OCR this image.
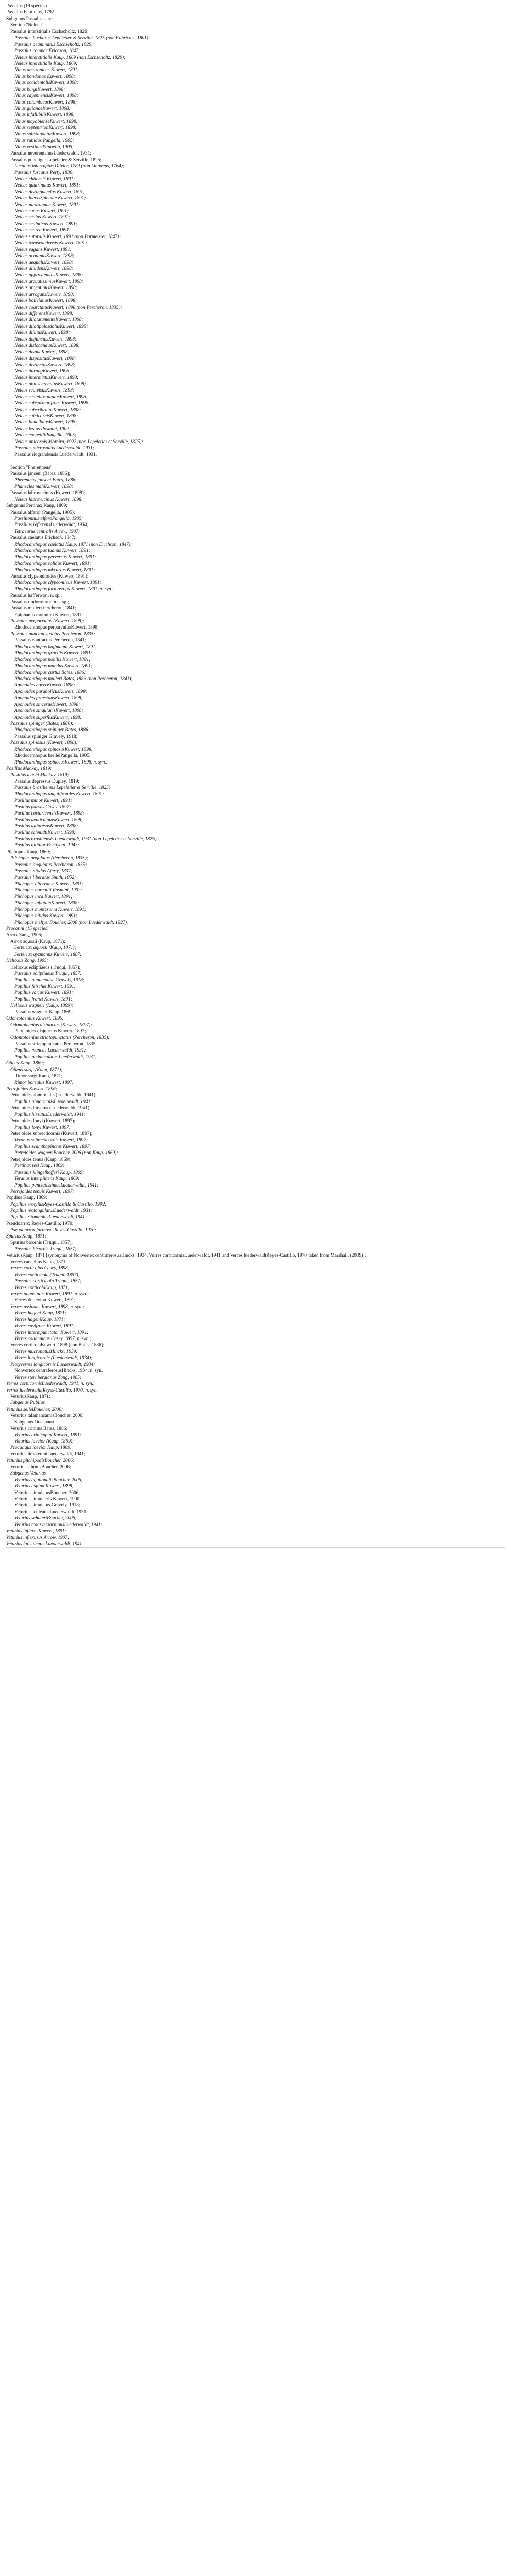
Passalus (19 species)
Passalus Fabricius, 1792
Subgenus Passalus s. str.
Section "Nelena"
Passalus interstitialis Eschscholtz, 1829;
Passalus bucharus Lepeletier & Serville, 1825 (non Fabricius, 1801);
Passalus acuminatus Eschscholtz, 1829;
Passalus compar Erichson, 1847;
Neleus interstitialis Kaup, 1869 (non Eschscholtz, 1829);
Neleus interstitialis Kaup, 1869;
Ninus amazonicus Kuwert, 1891;
Ninus bondonae Kuwert, 1898;
Ninus occidentalisKuwert, 1898;
Ninus burgiKuwert, 1898;
Ninus cayennensisKuwert, 1898;
Ninus columbicusKuwert, 1898;
Ninus guianaeKuwert, 1898;
Ninus infallibilisKuwert, 1898;
Ninus mayabienseKuwert, 1898;
Ninus septentrionKuwert, 1898;
Ninus substitudatusKuwert, 1898;
Ninus rubidus Pangella, 1905;
Ninus vestinusPangella, 1905;
Passalus neverentanusLuederwaldt, 1931;
Passalus punctiger Lepeletier & Serville, 1825;
Lucanus interruptus Olivier, 1789 (non Linnaeus, 1764);
Passalus fuscatus Perty, 1830;
Neleus chilensis Kuwert, 1891;
Neleus quatrinatus Kuwert, 1891;
Neleus distinguendus Kuwert, 1891;
Neleus laevisSpineate Kuwert, 1891;
Neleus nicaraguae Kuwert, 1891;
Neleus sueus Kuwert, 1891;
Neleus scolus Kuwert, 1891;
Neleus sculpticus Kuwert, 1891;
Neleus scorea Kuwert, 1891;
Neleus suturalis Kuwert, 1891 (non Burmeister, 1847);
Neleus transvaudensis Kuwert, 1891;
Neleus vagans Kuwert, 1891;
Neleus acutanusKuwert, 1898;
Neleus aequalisKuwert, 1898;
Neleus alludensKuwert, 1898;
Neleus approximatusKuwert, 1898;
Neleus arcuatissimusKuwert, 1898;
Neleus argentinusKuwert, 1898;
Neleus arrogansKuwert, 1898;
Neleus bolivianusKuwert, 1898;
Neleus coarctatusKuwert, 1898 (non Percheron, 1835);
Neleus differensKuwert, 1898;
Neleus dilatatumenteKuwert, 1898;
Neleus dilatipalosdolusKuwert, 1898;
Neleus dilutusKuwert, 1898;
Neleus disjunctusKuwert, 1898;
Neleus dislocandusKuwert, 1898;
Neleus dispacKuwert, 1898;
Neleus dispositusKuwert, 1898;
Neleus distinctusKuwert, 1898;
Neleus durangKuwert, 1898;
Neleus intermixtusKuwert, 1898;
Neleus obtusecrenatusKuwert, 1898;
Neleus scutvisusKuwert, 1898;
Neleus scutellosulcatusKuwert, 1898;
Neleus subcarinatifrons Kuwert, 1898;
Neleus subcribratusKuwert, 1898;
Neleus sulcicornisKuwert, 1898;
Neleus lamellatusKuwert, 1898;
Neleus festus Rosmini, 1902;
Neleus cospetiliPangella, 1905;
Neleus unicornis Moreira, 1922 (non Lepeletier et Serville, 1825);
Passalus microsulcis Luederwaldt, 1931;
Passalus riograndensis Luederwaldt, 1931.
Section "Pherenneus"
Passalus janseni (Bates, 1886);
Pherenteus janseni Bates, 1886;
Phanecles mahiKuwert, 1898;
Passalus labrovucinus (Kuwert, 1898);
Neleus labrovucinus Kuwert, 1898;
Subgenus Pertinax Kaup, 1869;
Passalus alfaroi (Pangella, 1905);
Passiltonnus alfaroPangella, 1905;
Passillus reflexensLuederwaldt, 1934;
Tetraeurus centralis Arrow, 1907;
Passalus caelatus Erichson, 1847;
Rhodocanthopus caelatus Kaup, 1871 (non Erichson, 1847);
Rhodocanthopus tuanus Kuwert, 1891;
Rhodocanthopus perversus Kuwert, 1891;
Rhodocanthopus solidus Kuwert, 1891;
Rhodocanthopus mkcurtus Kuwert, 1891;
Passalus clypeoniloides (Kuwert, 1891);
Rhodocanthopus clypeonileus Kuwert, 1891;
Rhodocanthopus forniostops Kuwert, 1891, n. syn.;
Passalus hafferwoni n. sp.;
Passalus riodorofaroum n. sp.;
Passalus mulleri Percheron, 1841;
Epiphanus molinimi Kuwert, 1891;
Passalus perparvulus (Kuwert, 1898);
Rhodocanthopus perparvulusKuwert, 1898;
Passalus punctatostriatus Percheron, 1835;
Passalus contractus Percheron, 1841;
Rhodocanthopus hoffmanni Kuwert, 1891;
Rhodocanthopus gracilis Kuwert, 1891;
Rhodocanthopus nobilis Kuwert, 1891;
Rhodocanthopus mundus Kuwert, 1891;
Rhodocanthopus curtus Bates, 1886;
Rhodocanthopus mulleri Bates, 1886 (non Percheron, 1841);
Aponoides nocerKuwert, 1898;
Aponoides parabolicusKuwert, 1898;
Aponoides praestansKuwert, 1898;
Aponoides sincerusKuwert, 1898;
Aponoides singularisKuwert, 1898;
Aponoides superflusKuwert, 1898;
Passalus spiniger (Bates, 1886);
Rhodocanthopus spiniger Bates, 1886;
Passalus spiniger Gravely, 1918;
Passalus spinosus (Kuwert, 1898);
Rhodocanthopus spinosusKuwert, 1898;
Rhodocanthopus brelleiPangella, 1905;
Rhodocanthopus spinosusKuwert, 1898, n. syn.;
Pasillus Mackay, 1819;
Pasillus leachi Mackay, 1819;
Passalus depressus Dupiey, 1819;
Passalus brasiliensis Lepeletier et Serville, 1825;
Rhodocanthopus angulifrondes Kuwert, 1891;
Pasillus minor Kuwert, 1891;
Pasillus parvus Casey, 1897;
Pasillus costaricensisKuwert, 1898;
Pasillus denticulatusKuwert, 1898;
Pasillus latioresusKuwert, 1898;
Pasillus schmidtiKuwert, 1898;
Pasillus brasiliensis Luederwaldt, 1931 (non Lepeletier et Serville, 1825)
Pasillus nitidior Boctiyoul, 1943;
Pilchopus Kaup, 1869;
Pilchopus angulatus (Percheron, 1835);
Passalus angulatus Percheron, 1835;
Passalus nitidus Ajerty, 1837;
Passalus liberatus Smith, 1852;
Pilchopus alterrator Kuwert, 1891;
Pilchopus boreoliti Rosmini, 1902;
Pilchopus inca Kuwert, 1891;
Pilchopus inflatumKuwert, 1898;
Pilchopus montezuma Kuwert, 1891;
Pilchopus nitidus Kuwert, 1891;
Pilchopus meliyerBoucher, 2000 (non Luederwaldt, 1927).
Procotini (15 species)
Arrox Zang, 1905;
Arrox aquosii (Kaup, 1871);
Serteriux aquosii (Kaup, 1871);
Serteriux ayzmanns Kuwert, 1887;
Helioxus Zang, 1905;
Helioxus ecliptiaeus (Truqui, 1857);
Passalus ecliptiaeus Truqui, 1857;
Popilius guatemalae Gravely, 1918;
Popilius felschei Kuwert, 1891;
Popilius varius Kuwert, 1891;
Popilius franzi Kuwert, 1891;
Helioxus wagneri (Kaup, 1869);
Passalus wagneri Kaup, 1869;
Odontotaenius Kuwert, 1896;
Odontotaenius disjunctus (Kuwert, 1897);
Petrejoides disjunctus Kuwert, 1897;
Odontotaenius striatopunctatus (Percheron, 1835);
Passalus striatopunctatus Percheron, 1835;
Popilius mancus Luederwaldt, 1931;
Popilius pedunculatus Luederwaldt, 1931;
Oileus Kaup, 1869;
Oileus sargi (Kaup, 1871);
Rimor sargi Kaup, 1871;
Rimor borealus Kuwert, 1897;
Petrejoides Kuwert, 1896;
Petrejoides abnormalis (Luederwaldt, 1941);
Popilius abnormalisLuederwaldt, 1941;
Petrejoides hirsutus (Luederwaldt, 1941);
Popilius hirsutusLuederwaldt, 1941;
Petrejoides lonyi (Kuwert, 1897);
Popilius lonyi Kuwert, 1897;
Petrejoides subrecticornis (Kuwert, 1897);
Teranus subrecticornis Kuwert, 1897;
Popilius scamthapinctus Kuwert, 1897;
Petrejoides wagneriBoucher, 2006 (non Kaup, 1869);
Petrejoides tenus (Kaup, 1869);
Pertinax tesi Kaup, 1869;
Passalus klingelhofferi Kaup, 1869;
Teranus interpiinens Kaup, 1869;
Popilius punctatissimusLuederwaldt, 1941;
Petrejoides tenuis Kuwert, 1897;
Popilius Kaup, 1869;
Popilius erotylusReyes-Castillo & Castillo, 1992;
Popilius rectangulatusLuederwaldt, 1931;
Popilius ritombolusLuederwaldt, 1941;
Pseudoarrox Reyes-Castillo, 1970;
Pseudoarrox farinosusReyes-Castillo, 1970;
Spurius Kaup, 1871;
Spurius bicornis (Truqui, 1857);
Passalus bicornis Truqui, 1857;
VeturiusKaup, 1871 [synonyms of Nonvertex centraferosusHincks, 1934, Verres cornicornisLuederwaldt, 1941 and Verres luederwaldtReyes-Castillo, 1970 taken from Marshall, (2009)];
Verres cancellus Kaup, 1871;
Verres corticolus Casey, 1898;
Verres corticicola (Truqui, 1857);
Passalus corticicola Truqui, 1857;
Verres corticolaKaup, 1871;
Verres angustatus Kuwert, 1891, n. syn.;
Verres deflexion Kuwert, 1891;
Verres assinans Kuwert, 1898, n. syn.;
Verres hageni Kaup, 1871;
Verres hageniKaup, 1871;
Verres cavifrons Kuwert, 1891;
Verres intermpunctator Kuwert, 1891;
Verres columnicus Casey, 1897, n. syn.;
Verres corticolaKuwert, 1898 (non Bates, 1886);
Verres mucronatusHincks, 1939;
Verres longicornis (Luederwaldt, 1934);
Platyverres longicornis Luederwaldt, 1934;
Nonvertex centraferosusHincks, 1934, n. syn.
Verres sternbergianus Zang, 1905;
Verres cornicornisLuederwaldt, 1941, n. syn.;
Verres luederwaldtReyes-Castillo, 1970, n. syn.
VeturiusKaup, 1871;
Subgenus Publius
Veturius sellelBoucher, 2006;
Veturius talamancamisBoucher, 2006;
Subgenus Ouacuana
Veturius crinitus Bates, 1886;
Veturius crinicapux Kuwert, 1891;
Veturius laevior (Kaup, 1869);
Procaliqus laevior Kaup, 1869;
Veturius limoteraniLuederwaldt, 1941;
Veturius pitchipodisBoucher, 2006;
Veturius sthmusBoucher, 2006;
Subgenus Veturius
Veturius aquilonalisBoucher, 2006;
Veturius aspina Kuwert, 1898;
Veturius simulatusBoucher, 2006;
Veturius simulacris Kuwert, 1900;
Veturius simulatus Gravely, 1918;
Veturius aculeatusLuederwaldt, 1931;
Veturius schuteriBoucher, 2006;
Veturius transversarpinusLuederwaldt, 1941;
Veturius inflexusKuwert, 1891;
Veturius inflexusus Arrow, 1907;
Veturius latisulcatusLuederwaldt, 1941.
